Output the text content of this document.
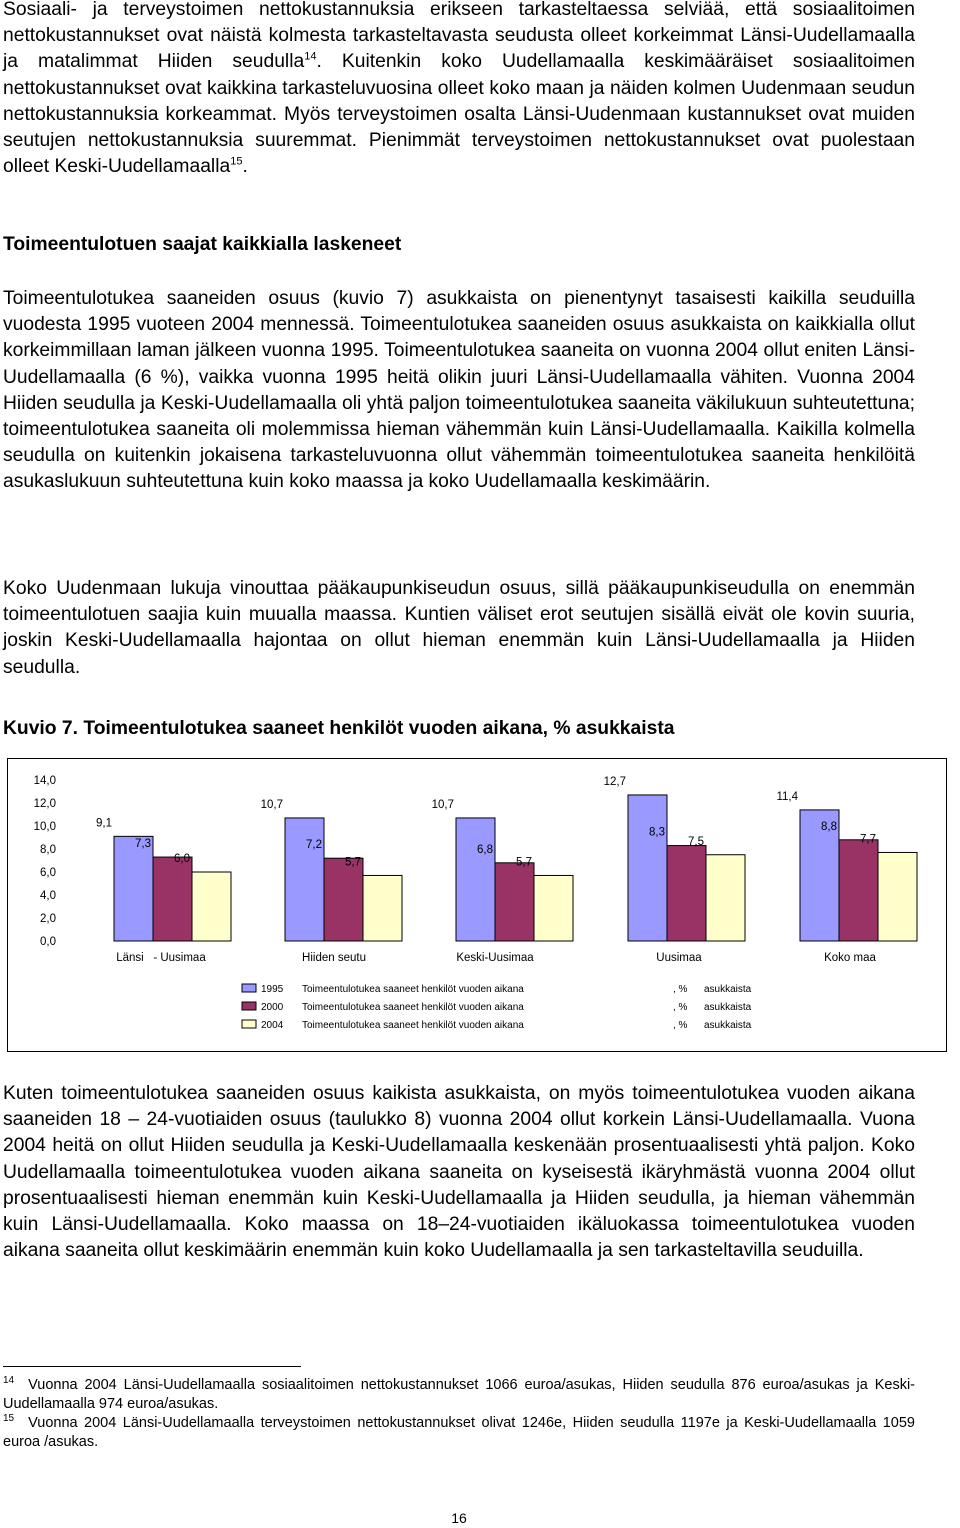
Sosiaali- ja terveystoimen nettokustannuksia erikseen tarkasteltaessa selviää, että sosiaalitoimen nettokustannukset ovat näistä kolmesta tarkasteltavasta seudusta olleet korkeimmat Länsi-Uudellamaalla ja matalimmat Hiiden seudulla$^{14}$. Kuitenkin koko Uudellamaalla keskimääräiset sosiaalitoimen nettokustannukset ovat kaikkina tarkasteluvuosina olleet koko maan ja näiden kolmen Uudenmaan seudun nettokustannuksia korkeammat. Myös terveystoimen osalta Länsi-Uudenmaan kustannukset ovat muiden seutujen nettokustannuksia suuremmat. Pienimmät terveystoimen nettokustannukset ovat puolestaan olleet Keski-Uudellamaalla$^{15}$.

Toimeentulotuen saajat kaikkialla laskeneet

Toimeentulotukea saaneiden osuus (kuvio 7) asukkaista on pienentynyt tasaisesti kaikilla seuduilla vuodesta 1995 vuoteen 2004 mennessä. Toimeentulotukea saaneiden osuus asukkaista on kaikkialla ollut korkeimmillaan laman jälkeen vuonna 1995. Toimeentulotukea saaneita on vuonna 2004 ollut eniten Länsi-Uudellamaalla (6 %), vaikka vuonna 1995 heitä olikin juuri Länsi-Uudellamaalla vähiten. Vuonna 2004 Hiiden seudulla ja Keski-Uudellamaalla oli yhtä paljon toimeentulotukea saaneita väkilukuun suhteutettuna; toimeentulotukea saaneita oli molemmissa hieman vähemmän kuin Länsi-Uudellamaalla. Kaikilla kolmella seudulla on kuitenkin jokaisena tarkasteluvuonna ollut vähemmän toimeentulotukea saaneita henkilöitä asukaslukuun suhteutettuna kuin koko maassa ja koko Uudellamaalla keskimäärin.

Koko Uudenmaan lukuja vinouttaa pääkaupunkiseudun osuus, sillä pääkaupunkiseudulla on enemmän toimeentulotuen saajia kuin muualla maassa. Kuntien väliset erot seutujen sisällä eivät ole kovin suuria, joskin Keski-Uudellamaalla hajontaa on ollut hieman enemmän kuin Länsi-Uudellamaalla ja Hiiden seudulla.

Kuvio 7. Toimeentulotukea saaneet henkilöt vuoden aikana, % asukkaista

0,0
2,0
4,0
6,0
8,0
10,0
12,0
14,0
9,1
10,7	10,7
12,7
11,4
7,3	7,2	6,8
8,3	8,8
6,0	5,7	5,7
7,5	7,7
Länsi   - Uusimaa	Hiiden seutu	Keski-Uusimaa	Uusimaa	Koko maa
1995 Toimeentulotukea saaneet henkilöt vuoden aikana	, % asukkaista
2000 Toimeentulotukea saaneet henkilöt vuoden aikana	, % asukkaista
2004 Toimeentulotukea saaneet henkilöt vuoden aikana	, % asukkaista

Kuten toimeentulotukea saaneiden osuus kaikista asukkaista, on myös toimeentulotukea vuoden aikana saaneiden 18 – 24-vuotiaiden osuus (taulukko 8) vuonna 2004 ollut korkein Länsi-Uudellamaalla. Vuona 2004 heitä on ollut Hiiden seudulla ja Keski-Uudellamaalla keskenään prosentuaalisesti yhtä paljon. Koko Uudellamaalla toimeentulotukea vuoden aikana saaneita on kyseisestä ikäryhmästä vuonna 2004 ollut prosentuaalisesti hieman enemmän kuin Keski-Uudellamaalla ja Hiiden seudulla, ja hieman vähemmän kuin Länsi-Uudellamaalla. Koko maassa on 18–24-vuotiaiden ikäluokassa toimeentulotukea vuoden aikana saaneita ollut keskimäärin enemmän kuin koko Uudellamaalla ja sen tarkasteltavilla seuduilla.

$^{14}$ Vuonna 2004 Länsi-Uudellamaalla sosiaalitoimen nettokustannukset 1066 euroa/asukas, Hiiden seudulla 876 euroa/asukas ja Keski-Uudellamaalla 974 euroa/asukas.

$^{15}$ Vuonna 2004 Länsi-Uudellamaalla terveystoimen nettokustannukset olivat 1246e, Hiiden seudulla 1197e ja Keski-Uudellamaalla 1059 euroa /asukas.

16
